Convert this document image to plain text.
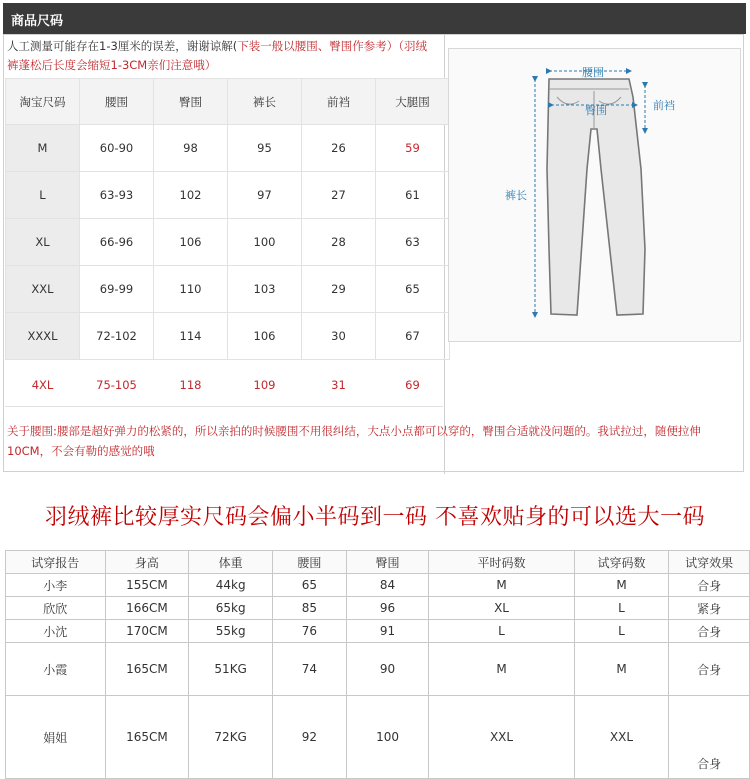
商品尺码
人工测量可能存在1-3厘米的误差，谢谢谅解(下装一般以腰围、臀围作参考）（羽绒裤蓬松后长度会缩短1-3CM亲们注意哦）
淘宝尺码	腰围	臀围	裤长	前裆	大腿围
M	60-90	98	95	26	59
L	63-93	102	97	27	61
XL	66-96	106	100	28	63
XXL	69-99	110	103	29	65
XXXL	72-102	114	106	30	67
4XL	75-105	118	109	31	69
腰围
臀围	前裆
裤长
关于腰围:腰部是超好弹力的松紧的，所以亲拍的时候腰围不用很纠结，大点小点都可以穿的，臀围合适就没问题的。我试拉过，随便拉伸10CM，不会有勒的感觉的哦
羽绒裤比较厚实尺码会偏小半码到一码 不喜欢贴身的可以选大一码
试穿报告	身高	体重	腰围	臀围	平时码数	试穿码数	试穿效果
小李	155CM	44kg	65	84	M	M	合身
欣欣	166CM	65kg	85	96	XL	L	紧身
小沈	170CM	55kg	76	91	L	L	合身
小霞	165CM	51KG	74	90	M	M	合身
娟姐	165CM	72KG	92	100	XXL	XXL	合身
